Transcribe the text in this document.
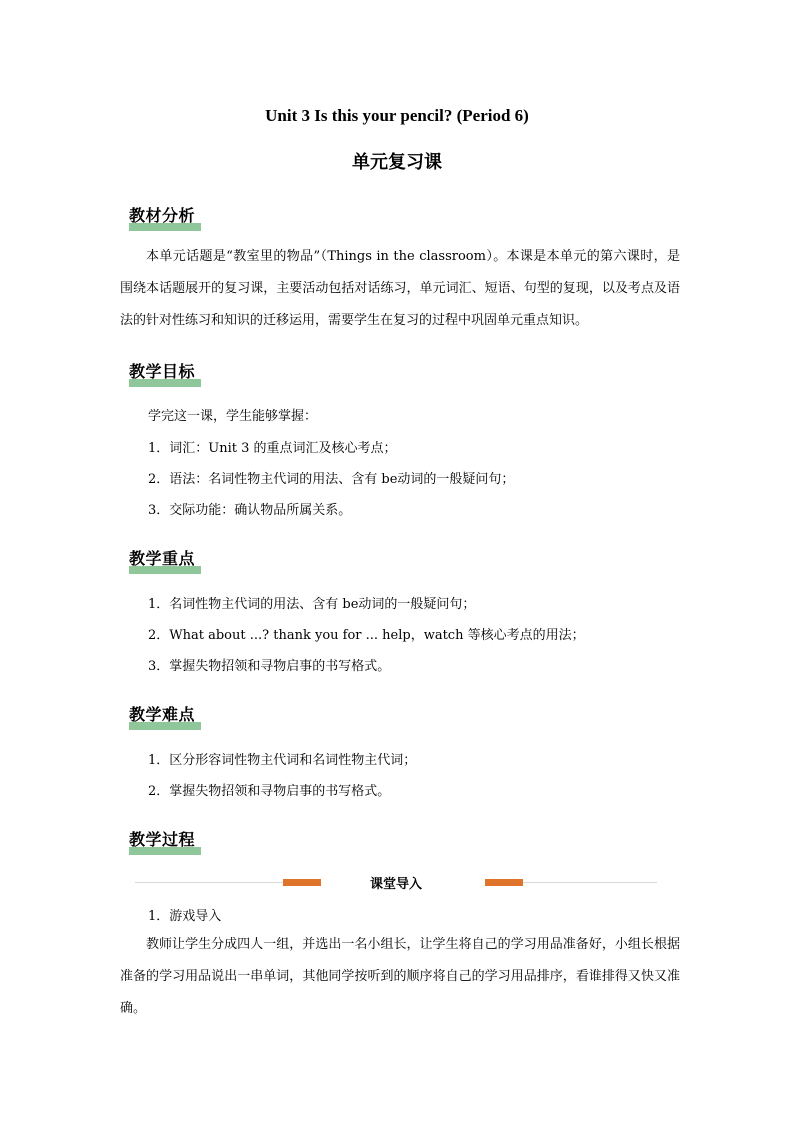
Unit 3 Is this your pencil? (Period 6)
单元复习课
教材分析

本单元话题是“教室里的物品”（Things in the classroom）。本课是本单元的第六课时，是围绕本话题展开的复习课，主要活动包括对话练习，单元词汇、短语、句型的复现，以及考点及语法的针对性练习和知识的迁移运用，需要学生在复习的过程中巩固单元重点知识。

教学目标

学完这一课，学生能够掌握：

1．词汇：Unit 3 的重点词汇及核心考点；

2．语法：名词性物主代词的用法、含有 be动词的一般疑问句；

3．交际功能：确认物品所属关系。

教学重点

1．名词性物主代词的用法、含有 be动词的一般疑问句；

2．What about ...? thank you for ... help，watch 等核心考点的用法；

3．掌握失物招领和寻物启事的书写格式。

教学难点

1．区分形容词性物主代词和名词性物主代词；

2．掌握失物招领和寻物启事的书写格式。

教学过程
课堂导入

1．游戏导入

教师让学生分成四人一组，并选出一名小组长，让学生将自己的学习用品准备好，小组长根据准备的学习用品说出一串单词，其他同学按听到的顺序将自己的学习用品排序，看谁排得又快又准确。
